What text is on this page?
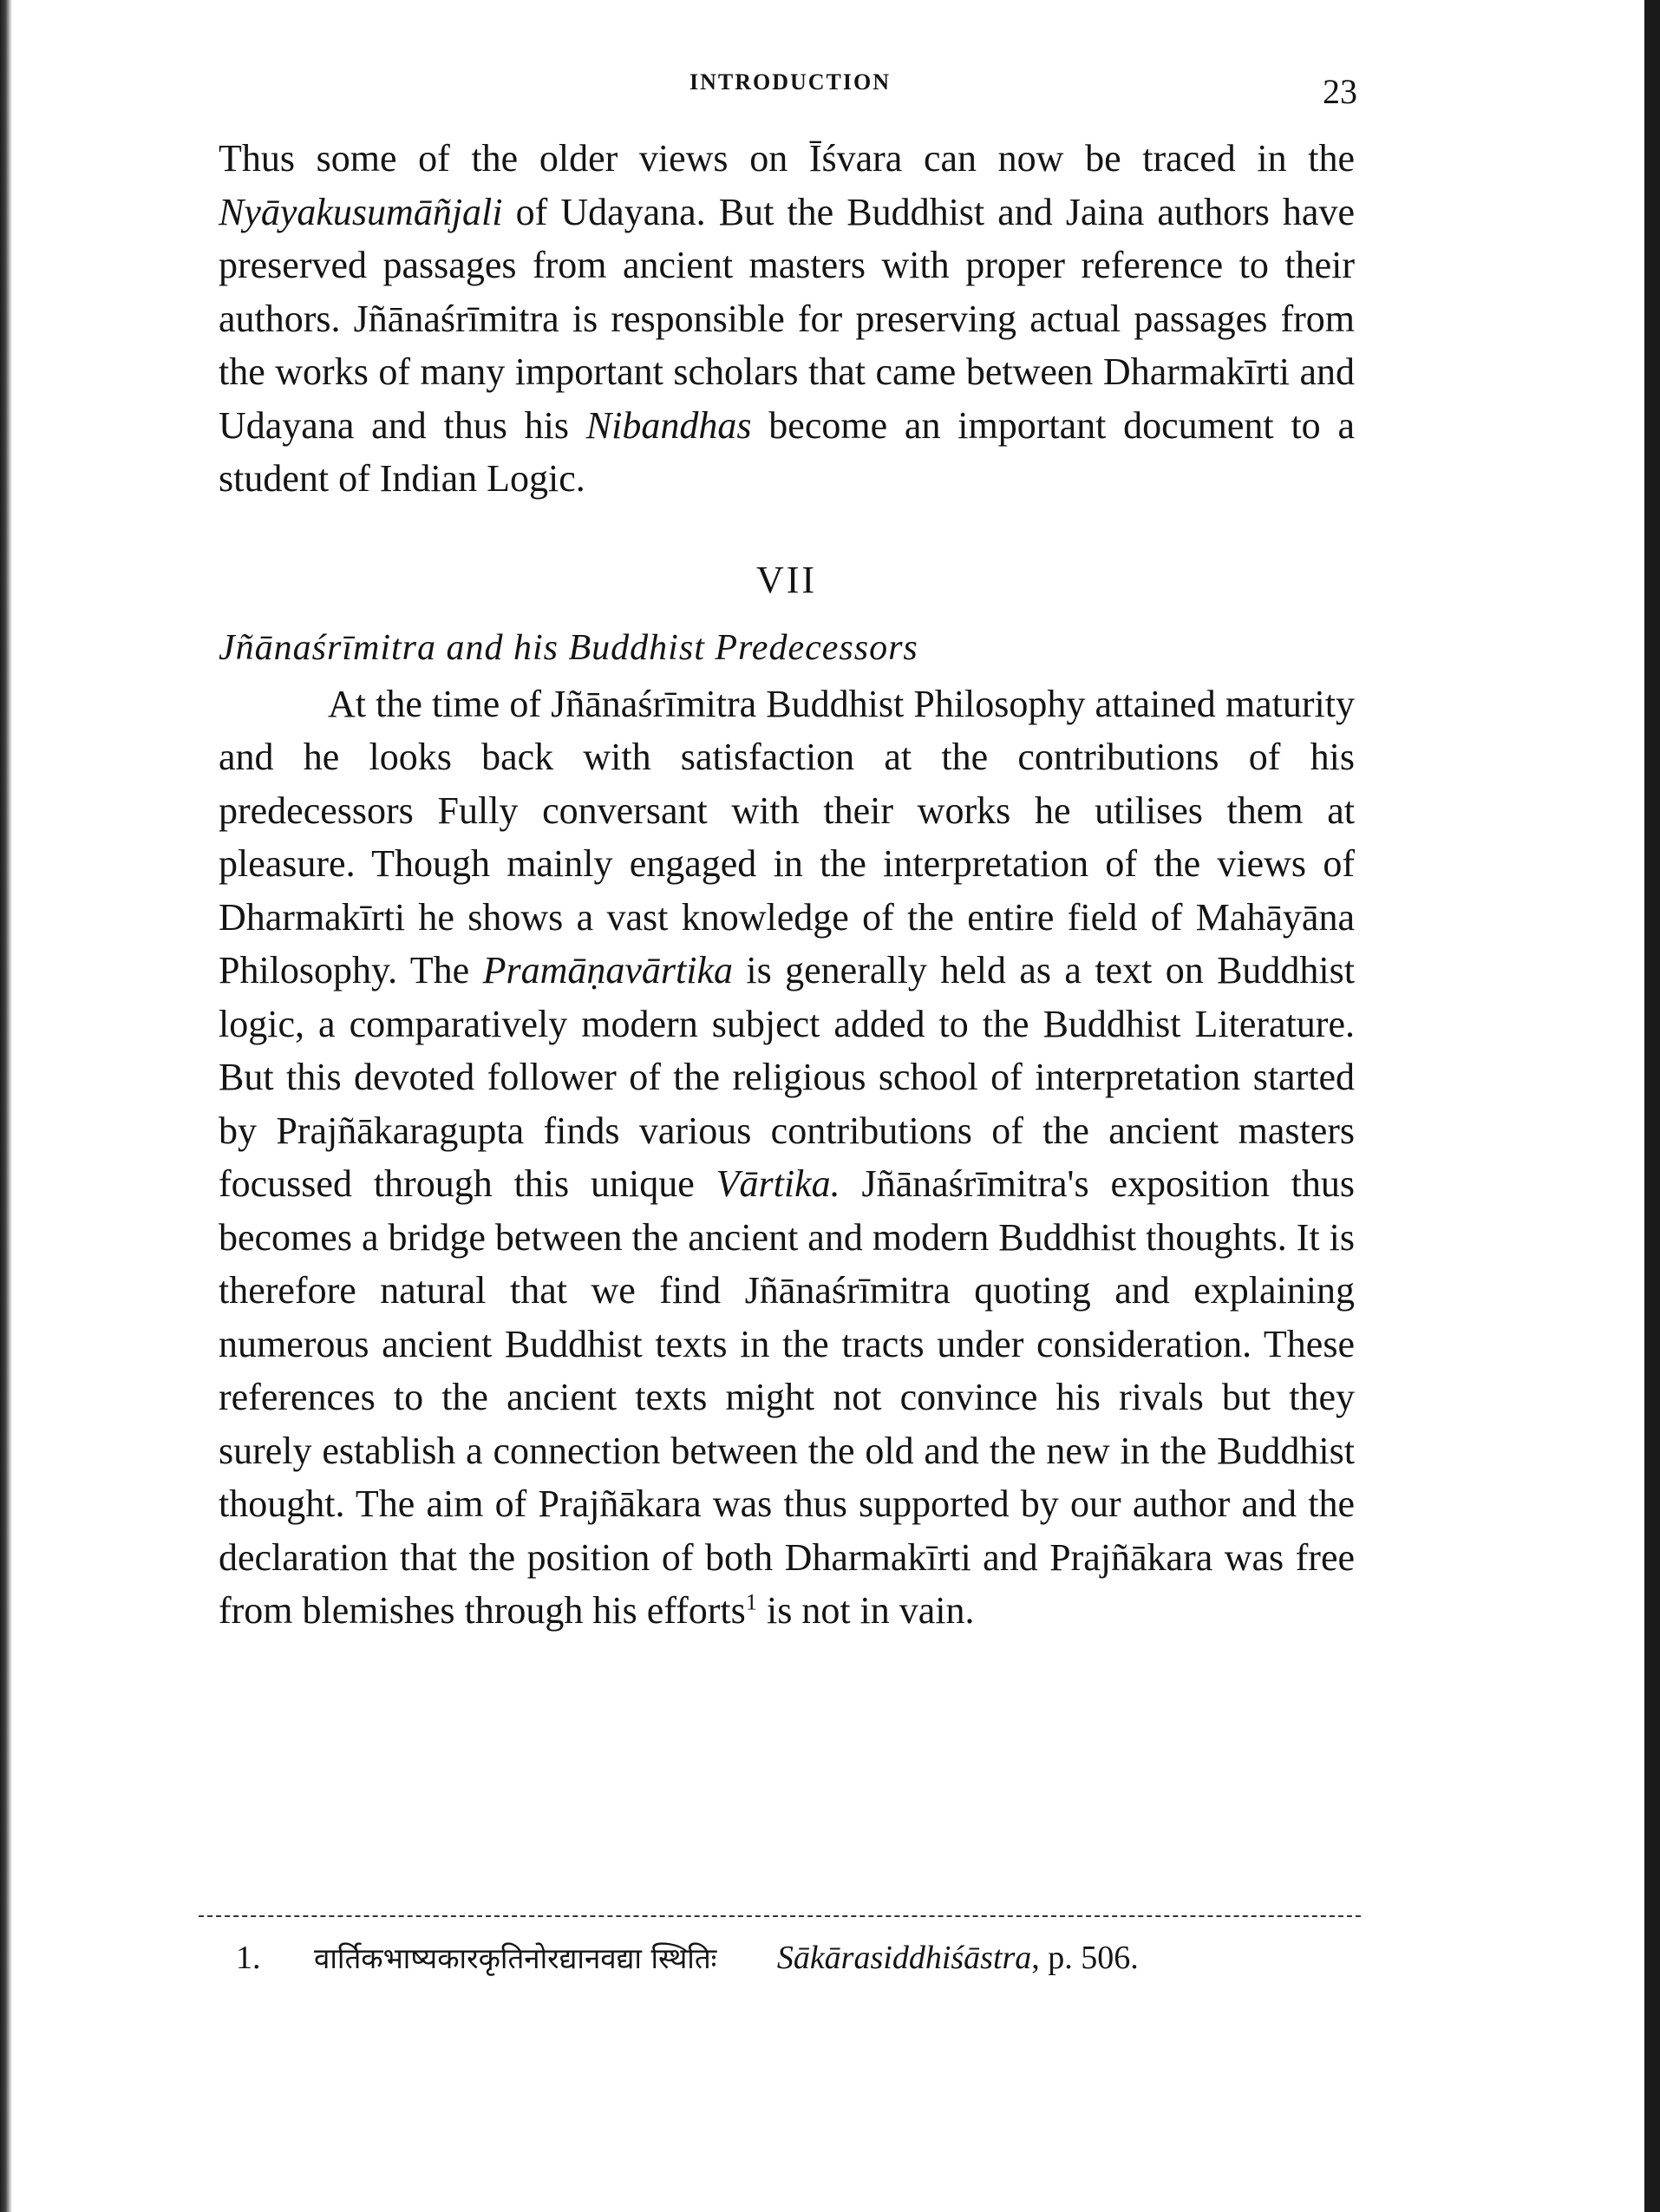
INTRODUCTION	23

Thus some of the older views on Īśvara can now be traced in the Nyāyakusumāñjali of Udayana. But the Buddhist and Jaina authors have preserved passages from ancient masters with proper reference to their authors. Jñānaśrīmitra is responsible for preserving actual passages from the works of many important scholars that came between Dharmakīrti and Udayana and thus his Nibandhas become an important document to a student of Indian Logic.

VII
Jñānaśrīmitra and his Buddhist Predecessors

At the time of Jñānaśrīmitra Buddhist Philosophy attained maturity and he looks back with satisfaction at the contributions of his predecessors Fully conversant with their works he utilises them at pleasure. Though mainly engaged in the interpretation of the views of Dharmakīrti he shows a vast knowledge of the entire field of Mahāyāna Philosophy. The Pramāṇavārtika is generally held as a text on Buddhist logic, a comparatively modern subject added to the Buddhist Literature. But this devoted follower of the religious school of interpretation started by Prajñākaragupta finds various contributions of the ancient masters focussed through this unique Vārtika. Jñānaśrīmitra's exposition thus becomes a bridge between the ancient and modern Buddhist thoughts. It is therefore natural that we find Jñānaśrīmitra quoting and explaining numerous ancient Buddhist texts in the tracts under consideration. These references to the ancient texts might not convince his rivals but they surely establish a connection between the old and the new in the Buddhist thought. The aim of Prajñākara was thus supported by our author and the declaration that the position of both Dharmakīrti and Prajñākara was free from blemishes through his efforts$^1$ is not in vain.

1. वार्तिकभाष्यकारकृतिनोरद्यानवद्या स्थितिः Sākārasiddhiśāstra, p. 506.
